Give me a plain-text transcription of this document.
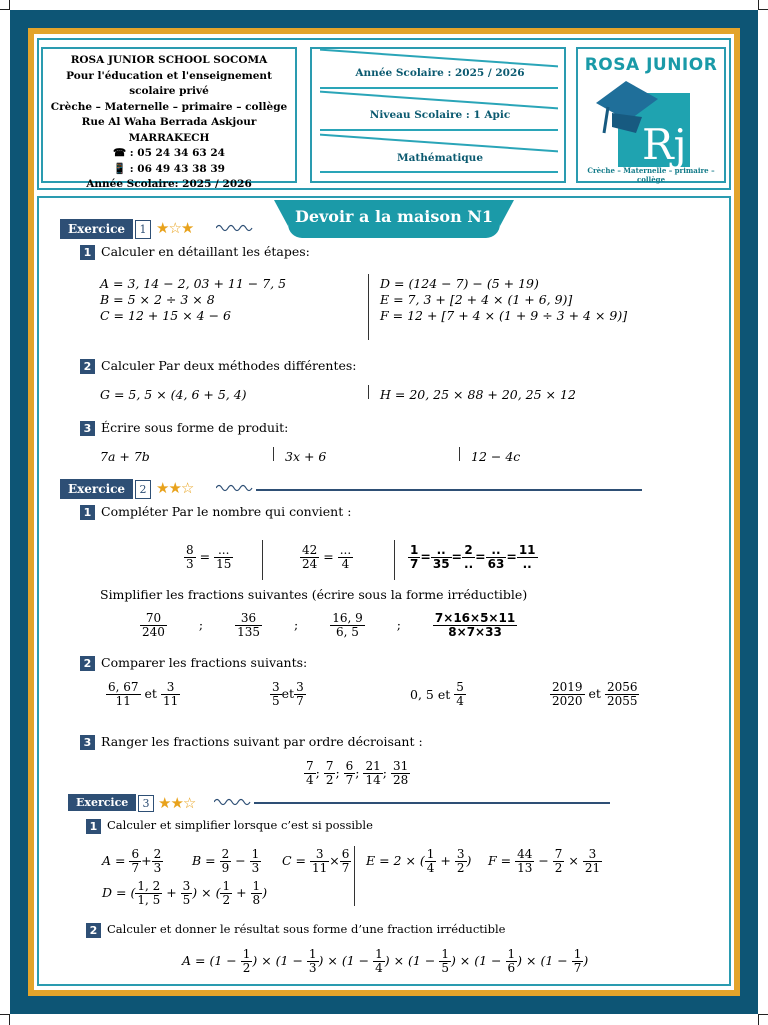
ROSA JUNIOR SCHOOL SOCOMA
Pour l'éducation et l'enseignement scolaire privé
Crèche – Maternelle – primaire – collège
Rue Al Waha Berrada Askjour
MARRAKECH
☎ : 05 24 34 63 24
📱 : 06 49 43 38 39
Année Scolaire: 2025 / 2026
Année Scolaire : 2025 / 2026
Niveau Scolaire : 1 Apic
Mathématique
ROSA JUNIOR
Rj
Crèche – Maternelle – primaire – collège
Devoir a la maison N1
Exercice	1 ★☆★
1 Calculer en détaillant les étapes:
A = 3, 14 − 2, 03 + 11 − 7, 5
B = 5 × 2 ÷ 3 × 8
C = 12 + 15 × 4 − 6
D = (124 − 7) − (5 + 19)
E = 7, 3 + [2 + 4 × (1 + 6, 9)]
F = 12 + [7 + 4 × (1 + 9 ÷ 3 + 4 × 9)]
2 Calculer Par deux méthodes différentes:
G = 5, 5 × (4, 6 + 5, 4)	H = 20, 25 × 88 + 20, 25 × 12
3 Écrire sous forme de produit:
7a + 7b	3x + 6	12 − 4c
Exercice	2 ★★☆
1 Compléter Par le nombre qui convient :
$\frac{8}{3} = \frac{...}{15}$	$\frac{42}{24} = \frac{...}{4}$	$\frac{1}{7} = \frac{..}{35} = \frac{2}{..} = \frac{..}{63} = \frac{11}{..}$
Simplifier les fractions suivantes (écrire sous la forme irréductible)
$\frac{70}{240}$	;	$\frac{36}{135}$	;	$\frac{16, 9}{6, 5}$	;	$\frac{7\times 16\times 5\times 11}{8\times 7\times 33}$
2 Comparer les fractions suivants:
$\frac{6, 67}{11}$ et $\frac{3}{11}$	$\frac{3}{5}$ et $\frac{3}{7}$	0, 5 et $\frac{5}{4}$	$\frac{2019}{2020}$ et $\frac{2056}{2055}$
3 Ranger les fractions suivant par ordre décroisant :
$\frac{7}{4}$ ; $\frac{7}{2}$ ; $\frac{6}{7}$ ; $\frac{21}{14}$ ; $\frac{31}{28}$
Exercice	3 ★★☆
1 Calculer et simplifier lorsque c’est si possible
$A = \frac{6}{7} + \frac{2}{3}$ $B = \frac{2}{9} - \frac{1}{3}$ $C = \frac{3}{11} \times \frac{6}{7}$ E = 2 × ( $\frac{1}{4} + \frac{3}{2}$ ) $F = \frac{44}{13} - \frac{7}{2} \times \frac{3}{21}$
D = ( $\frac{1, 2}{1, 5} + \frac{3}{5}$ ) × ( $\frac{1}{2} + \frac{1}{8}$ )
2 Calculer et donner le résultat sous forme d’une fraction irréductible
$A = (1 - \frac{1}{2}$ ) × ($1 - \frac{1}{3}$ ) × ($1 - \frac{1}{4}$ ) × ($1 - \frac{1}{5}$ ) × ($1 - \frac{1}{6}$ ) × ($1 - \frac{1}{7}$ )
